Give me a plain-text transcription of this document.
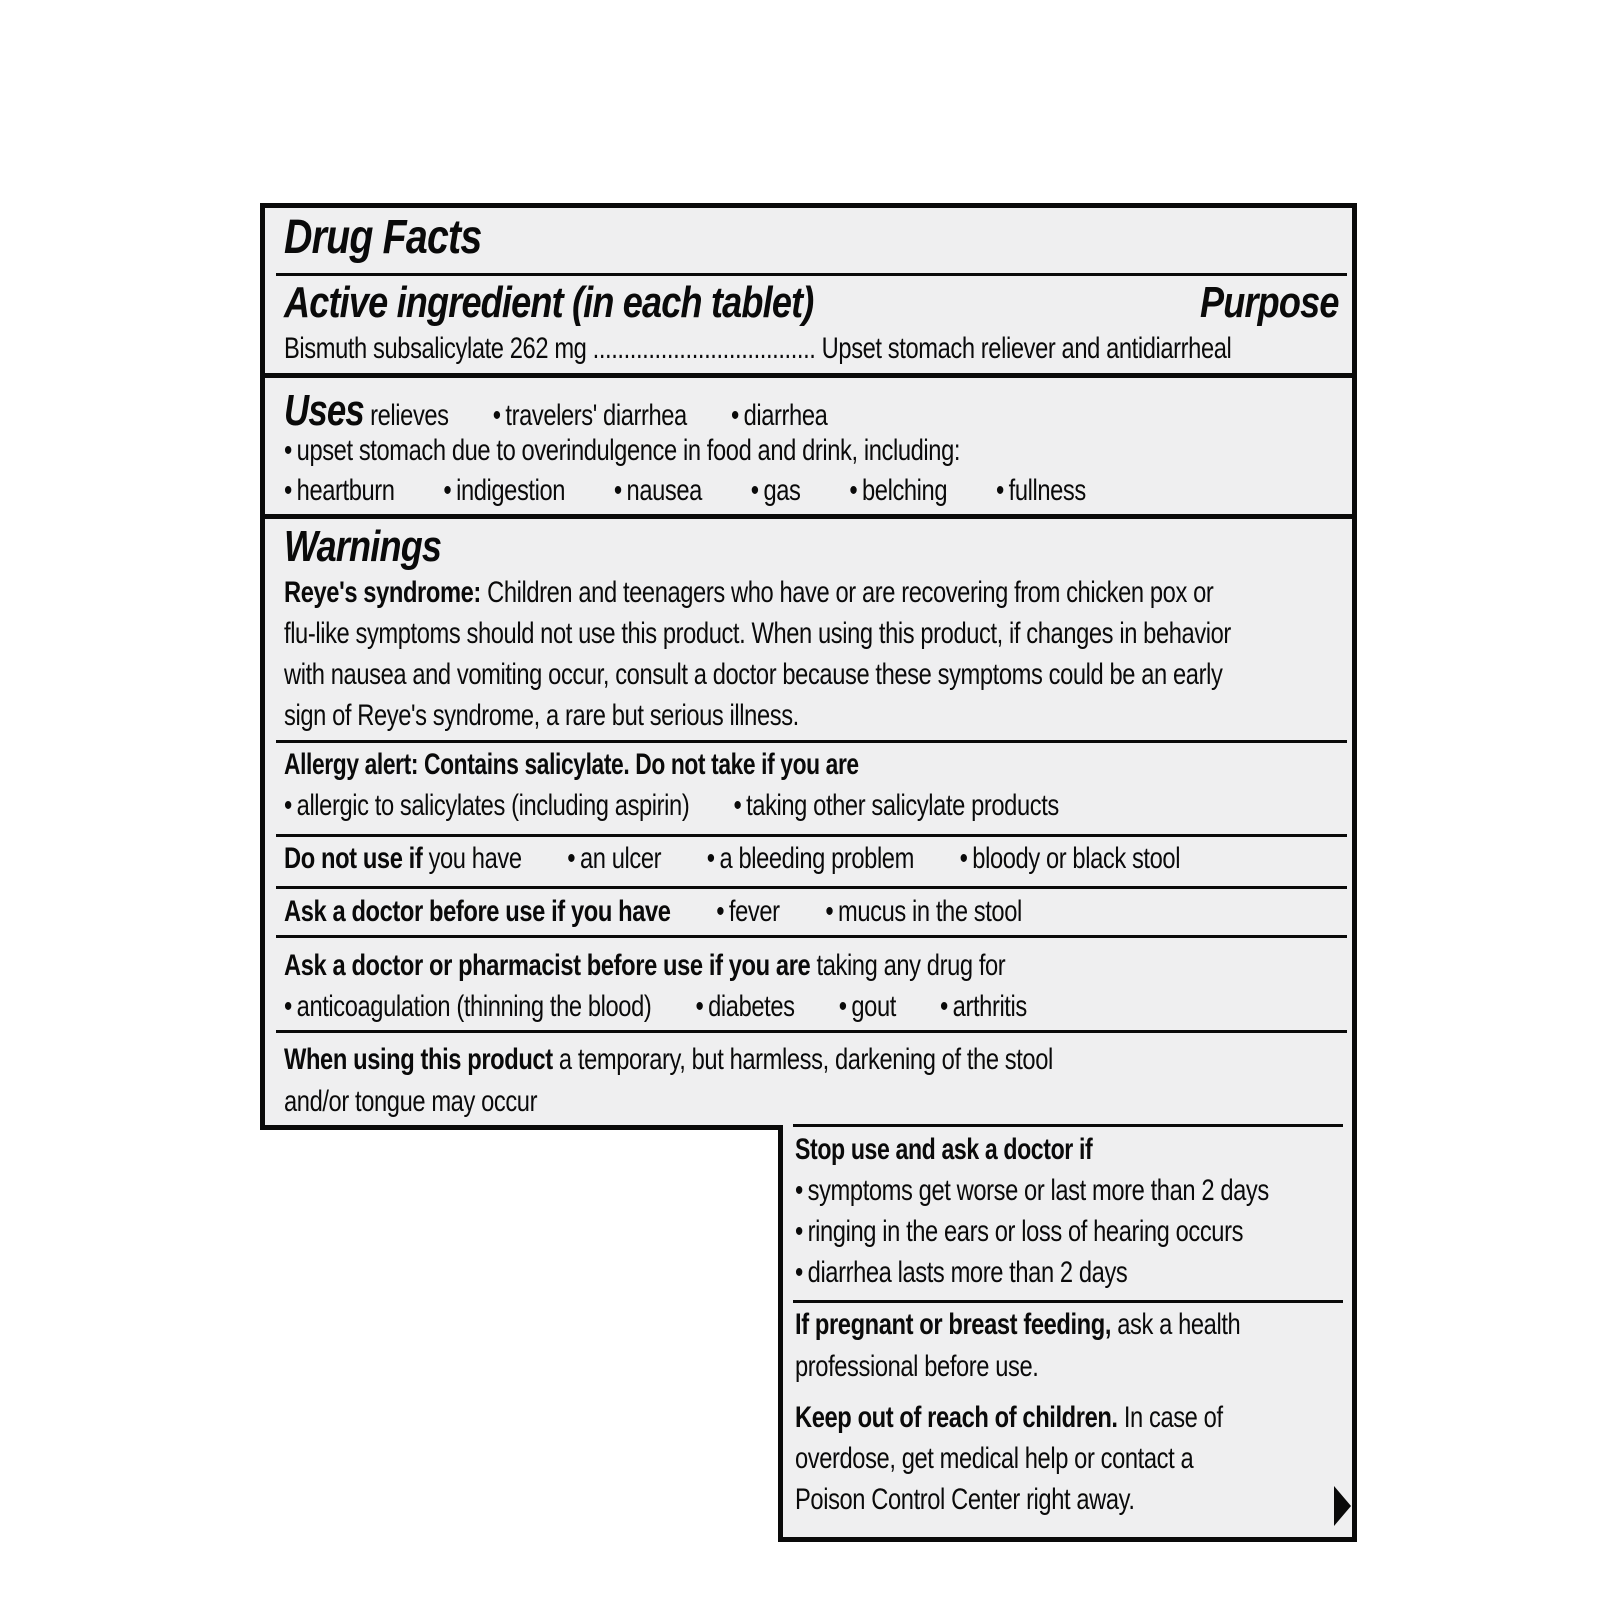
Drug Facts
Active ingredient (in each tablet)	Purpose
Bismuth subsalicylate 262 mg .................................... Upset stomach reliever and antidiarrheal
Uses relieves • travelers' diarrhea • diarrhea
• upset stomach due to overindulgence in food and drink, including:
• heartburn • indigestion • nausea • gas • belching • fullness
Warnings
Reye's syndrome: Children and teenagers who have or are recovering from chicken pox or
flu-like symptoms should not use this product. When using this product, if changes in behavior
with nausea and vomiting occur, consult a doctor because these symptoms could be an early
sign of Reye's syndrome, a rare but serious illness.
Allergy alert: Contains salicylate. Do not take if you are
• allergic to salicylates (including aspirin) • taking other salicylate products
Do not use if you have • an ulcer • a bleeding problem • bloody or black stool
Ask a doctor before use if you have • fever • mucus in the stool
Ask a doctor or pharmacist before use if you are taking any drug for
• anticoagulation (thinning the blood) • diabetes • gout • arthritis
When using this product a temporary, but harmless, darkening of the stool
and/or tongue may occur
Stop use and ask a doctor if
• symptoms get worse or last more than 2 days
• ringing in the ears or loss of hearing occurs
• diarrhea lasts more than 2 days
If pregnant or breast feeding, ask a health
professional before use.
Keep out of reach of children. In case of
overdose, get medical help or contact a
Poison Control Center right away.
